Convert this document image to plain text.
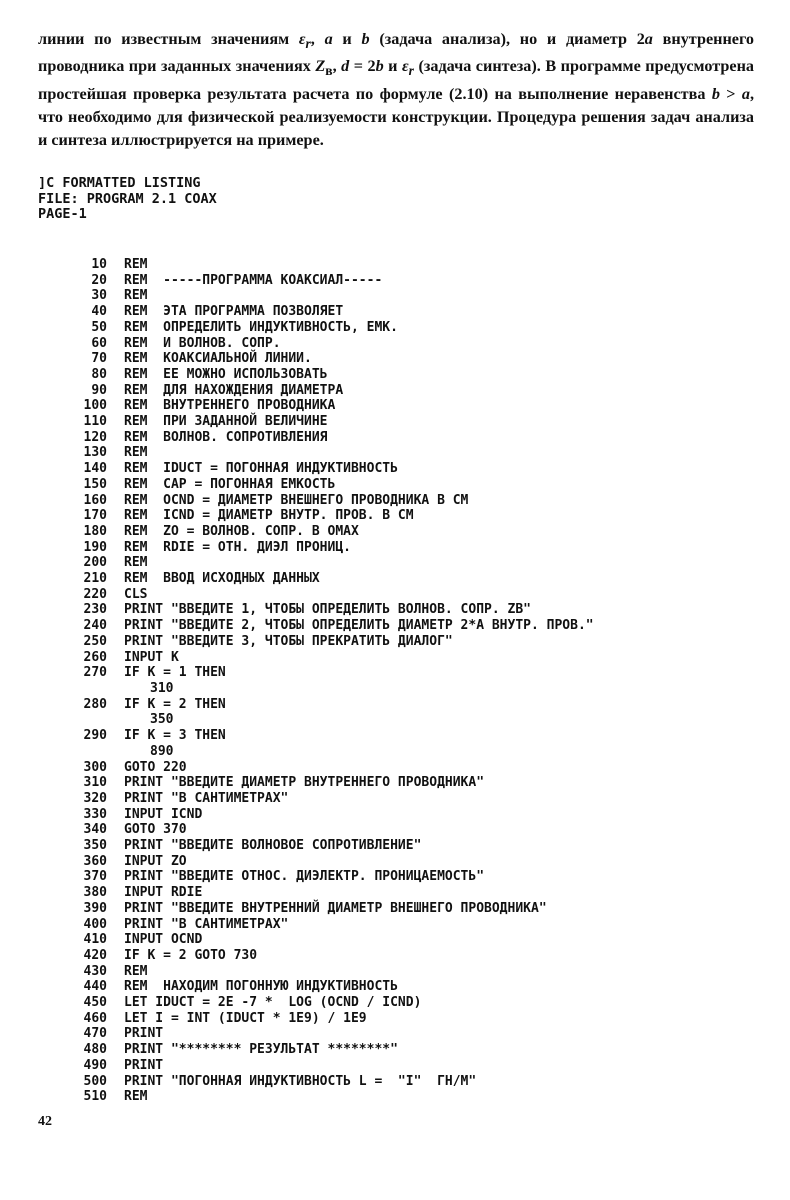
линии по известным значениям $\varepsilon_r$, a и b (задача анализа), но и диаметр 2a внутреннего проводника при заданных значениях $Z_в$, d = 2b и $\varepsilon_r$ (задача синтеза). В программе предусмотрена простейшая проверка результата расчета по формуле (2.10) на выполнение неравенства b > a, что необходимо для физической реализуемости конструкции. Процедура решения задач анализа и синтеза иллюстрируется на примере.

]C FORMATTED LISTING
FILE: PROGRAM 2.1 COAX
PAGE-1
10	REM
20	REM  -----ПРОГРАММА КОАКСИАЛ-----
30	REM
40	REM  ЭТА ПРОГРАММА ПОЗВОЛЯЕТ
50	REM  ОПРЕДЕЛИТЬ ИНДУКТИВНОСТЬ, ЕМК.
60	REM  И ВОЛНОВ. СОПР.
70	REM  КОАКСИАЛЬНОЙ ЛИНИИ.
80	REM  ЕЕ МОЖНО ИСПОЛЬЗОВАТЬ
90	REM  ДЛЯ НАХОЖДЕНИЯ ДИАМЕТРА
100	REM  ВНУТРЕННЕГО ПРОВОДНИКА
110	REM  ПРИ ЗАДАННОЙ ВЕЛИЧИНЕ
120	REM  ВОЛНОВ. СОПРОТИВЛЕНИЯ
130	REM
140	REM  IDUCT = ПОГОННАЯ ИНДУКТИВНОСТЬ
150	REM  CAP = ПОГОННАЯ ЕМКОСТЬ
160	REM  OCND = ДИАМЕТР ВНЕШНЕГО ПРОВОДНИКА В СМ
170	REM  ICND = ДИАМЕТР ВНУТР. ПРОВ. В СМ
180	REM  ZO = ВОЛНОВ. СОПР. В ОМАХ
190	REM  RDIE = ОТН. ДИЭЛ ПРОНИЦ.
200	REM
210	REM  ВВОД ИСХОДНЫХ ДАННЫХ
220	CLS
230	PRINT "ВВЕДИТЕ 1, ЧТОБЫ ОПРЕДЕЛИТЬ ВОЛНОВ. СОПР. ZB"
240	PRINT "ВВЕДИТЕ 2, ЧТОБЫ ОПРЕДЕЛИТЬ ДИАМЕТР 2*А ВНУТР. ПРОВ."
250	PRINT "ВВЕДИТЕ 3, ЧТОБЫ ПРЕКРАТИТЬ ДИАЛОГ"
260	INPUT K
270	IF K = 1 THEN
310
280	IF K = 2 THEN
350
290	IF K = 3 THEN
890
300	GOTO 220
310	PRINT "ВВЕДИТЕ ДИАМЕТР ВНУТРЕННЕГО ПРОВОДНИКА"
320	PRINT "В САНТИМЕТРАХ"
330	INPUT ICND
340	GOTO 370
350	PRINT "ВВЕДИТЕ ВОЛНОВОЕ СОПРОТИВЛЕНИЕ"
360	INPUT ZO
370	PRINT "ВВЕДИТЕ ОТНОС. ДИЭЛЕКТР. ПРОНИЦАЕМОСТЬ"
380	INPUT RDIE
390	PRINT "ВВЕДИТЕ ВНУТРЕННИЙ ДИАМЕТР ВНЕШНЕГО ПРОВОДНИКА"
400	PRINT "В САНТИМЕТРАХ"
410	INPUT OCND
420	IF K = 2 GOTO 730
430	REM
440	REM  НАХОДИМ ПОГОННУЮ ИНДУКТИВНОСТЬ
450	LET IDUCT = 2E -7 *  LOG (OCND / ICND)
460	LET I = INT (IDUCT * 1E9) / 1E9
470	PRINT
480	PRINT "******** РЕЗУЛЬТАТ ********"
490	PRINT
500	PRINT "ПОГОННАЯ ИНДУКТИВНОСТЬ L =  "I"  ГН/М"
510	REM
42
